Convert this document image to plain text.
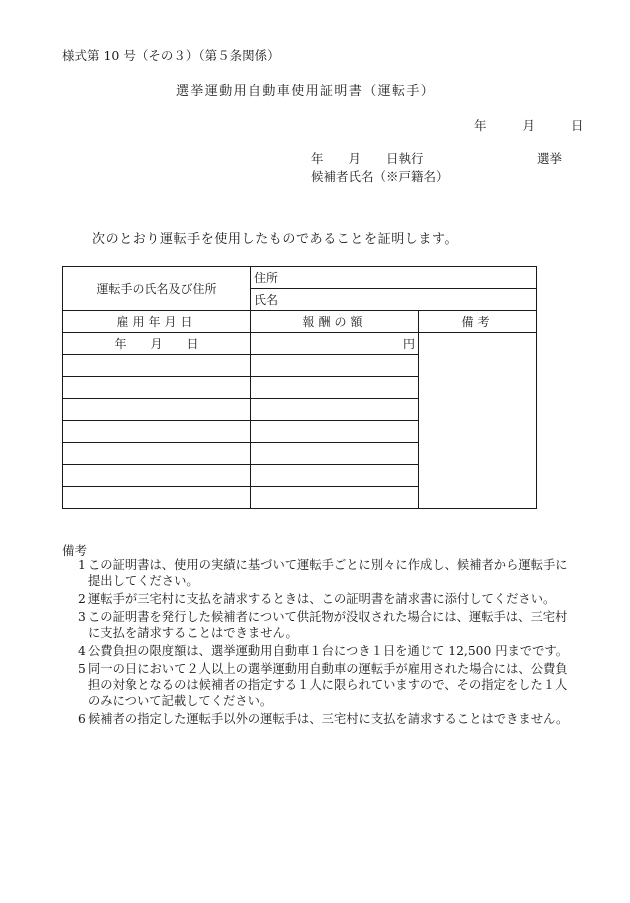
様式第 10 号（その３）（第５条関係）
選挙運動用自動車使用証明書（運転手）
年	月	日
年　　月　　日執行	選挙
候補者氏名（※戸籍名）
次のとおり運転手を使用したものであることを証明します。
運転手の氏名及び住所	住所	
	氏名	
雇用年月日	報酬の額	備考
年　　月　　日	円	

備考
1 この証明書は、使用の実績に基づいて運転手ごとに別々に作成し、候補者から運転手に提出してください。
2 運転手が三宅村に支払を請求するときは、この証明書を請求書に添付してください。
3 この証明書を発行した候補者について供託物が没収された場合には、運転手は、三宅村に支払を請求することはできません。
4 公費負担の限度額は、選挙運動用自動車１台につき１日を通じて 12,500 円までです。
5 同一の日において２人以上の選挙運動用自動車の運転手が雇用された場合には、公費負担の対象となるのは候補者の指定する１人に限られていますので、その指定をした１人のみについて記載してください。
6 候補者の指定した運転手以外の運転手は、三宅村に支払を請求することはできません。
